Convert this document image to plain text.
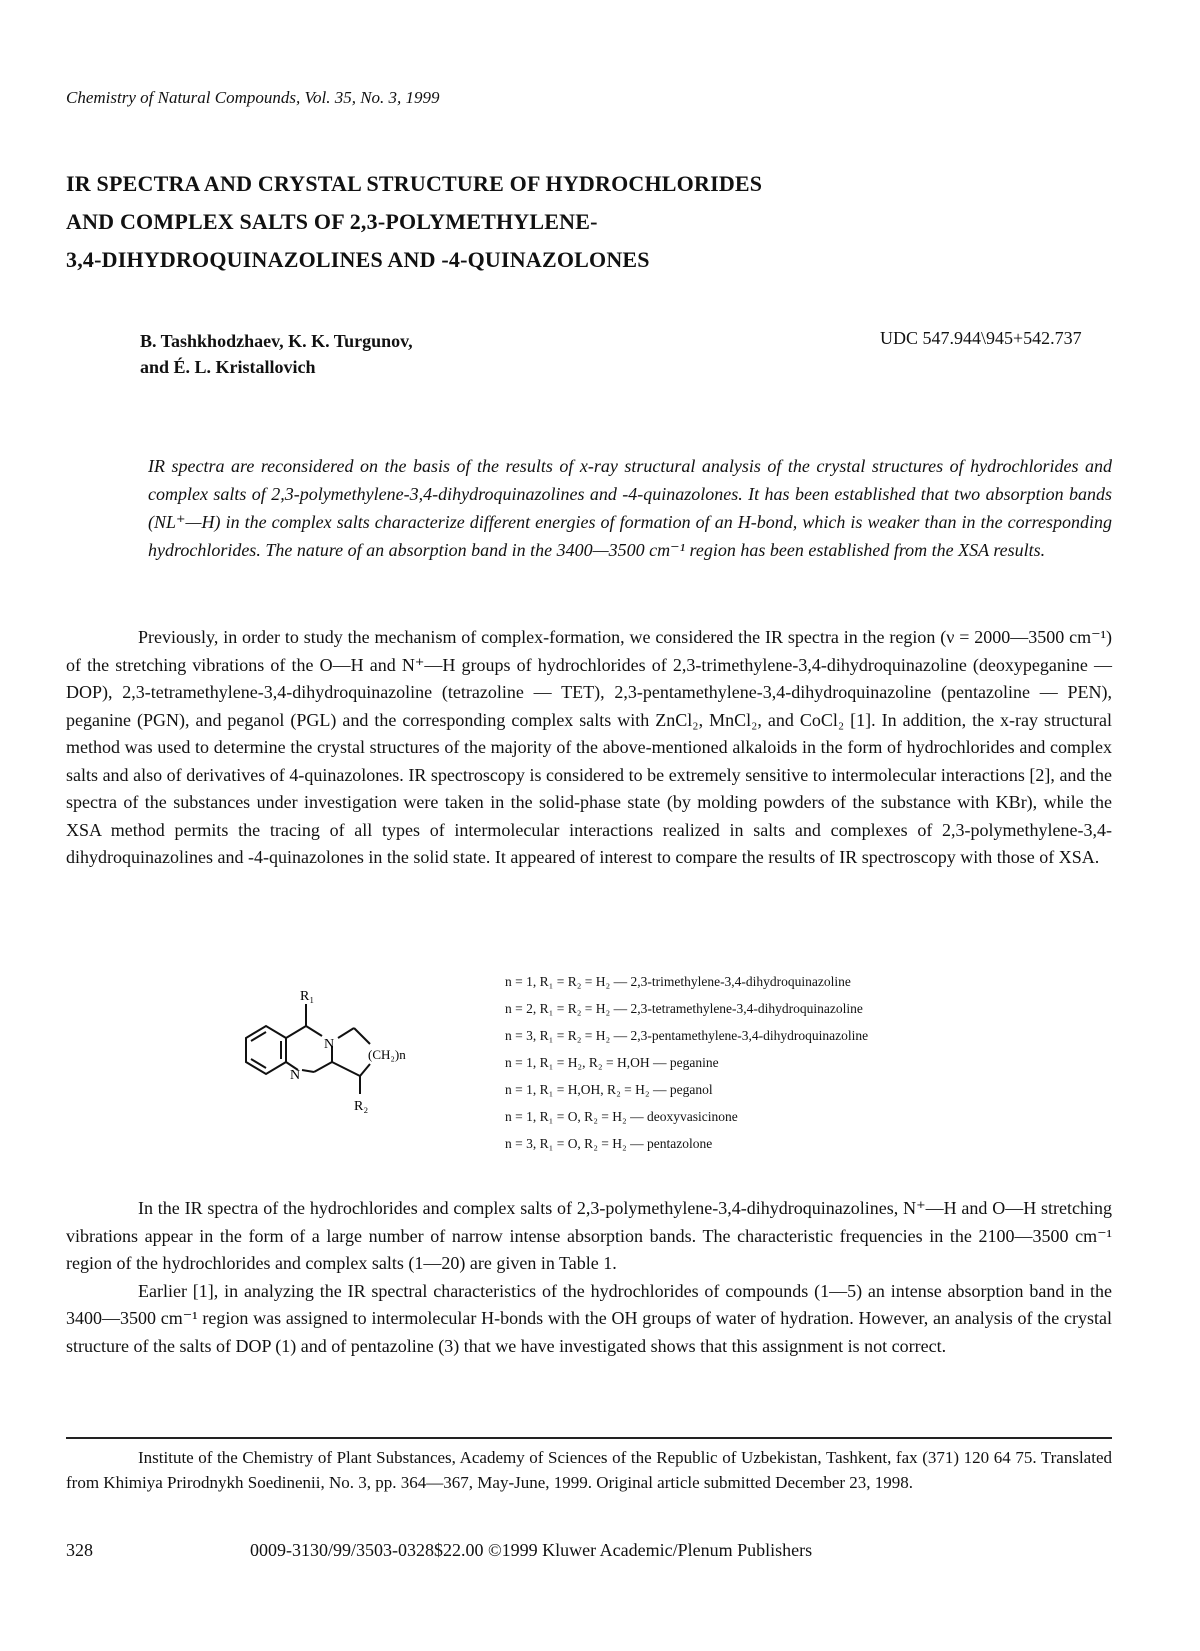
Chemistry of Natural Compounds, Vol. 35, No. 3, 1999
IR SPECTRA AND CRYSTAL STRUCTURE OF HYDROCHLORIDES
AND COMPLEX SALTS OF 2,3-POLYMETHYLENE-
3,4-DIHYDROQUINAZOLINES AND -4-QUINAZOLONES
B. Tashkhodzhaev, K. K. Turgunov,
and É. L. Kristallovich
UDC 547.944\945+542.737
IR spectra are reconsidered on the basis of the results of x-ray structural analysis of the crystal structures of hydrochlorides and complex salts of 2,3-polymethylene-3,4-dihydroquinazolines and -4-quinazolones. It has been established that two absorption bands (NL⁺—H) in the complex salts characterize different energies of formation of an H-bond, which is weaker than in the corresponding hydrochlorides. The nature of an absorption band in the 3400—3500 cm⁻¹ region has been established from the XSA results.

Previously, in order to study the mechanism of complex-formation, we considered the IR spectra in the region (ν = 2000—3500 cm⁻¹) of the stretching vibrations of the O—H and N⁺—H groups of hydrochlorides of 2,3-trimethylene-3,4-dihydroquinazoline (deoxypeganine — DOP), 2,3-tetramethylene-3,4-dihydroquinazoline (tetrazoline — TET), 2,3-pentamethylene-3,4-dihydroquinazoline (pentazoline — PEN), peganine (PGN), and peganol (PGL) and the corresponding complex salts with ZnCl₂, MnCl₂, and CoCl₂ [1]. In addition, the x-ray structural method was used to determine the crystal structures of the majority of the above-mentioned alkaloids in the form of hydrochlorides and complex salts and also of derivatives of 4-quinazolones. IR spectroscopy is considered to be extremely sensitive to intermolecular interactions [2], and the spectra of the substances under investigation were taken in the solid-phase state (by molding powders of the substance with KBr), while the XSA method permits the tracing of all types of intermolecular interactions realized in salts and complexes of 2,3-polymethylene-3,4-dihydroquinazolines and -4-quinazolones in the solid state. It appeared of interest to compare the results of IR spectroscopy with those of XSA.

R₁
N
N
(CH₂)n
R₂
n = 1, R₁ = R₂ = H₂ — 2,3-trimethylene-3,4-dihydroquinazoline
n = 2, R₁ = R₂ = H₂ — 2,3-tetramethylene-3,4-dihydroquinazoline
n = 3, R₁ = R₂ = H₂ — 2,3-pentamethylene-3,4-dihydroquinazoline
n = 1, R₁ = H₂, R₂ = H,OH — peganine
n = 1, R₁ = H,OH, R₂ = H₂ — peganol
n = 1, R₁ = O, R₂ = H₂ — deoxyvasicinone
n = 3, R₁ = O, R₂ = H₂ — pentazolone

In the IR spectra of the hydrochlorides and complex salts of 2,3-polymethylene-3,4-dihydroquinazolines, N⁺—H and O—H stretching vibrations appear in the form of a large number of narrow intense absorption bands. The characteristic frequencies in the 2100—3500 cm⁻¹ region of the hydrochlorides and complex salts (1—20) are given in Table 1.

Earlier [1], in analyzing the IR spectral characteristics of the hydrochlorides of compounds (1—5) an intense absorption band in the 3400—3500 cm⁻¹ region was assigned to intermolecular H-bonds with the OH groups of water of hydration. However, an analysis of the crystal structure of the salts of DOP (1) and of pentazoline (3) that we have investigated shows that this assignment is not correct.

Institute of the Chemistry of Plant Substances, Academy of Sciences of the Republic of Uzbekistan, Tashkent, fax (371) 120 64 75. Translated from Khimiya Prirodnykh Soedinenii, No. 3, pp. 364—367, May-June, 1999. Original article submitted December 23, 1998.

328	0009-3130/99/3503-0328$22.00 ©1999 Kluwer Academic/Plenum Publishers
